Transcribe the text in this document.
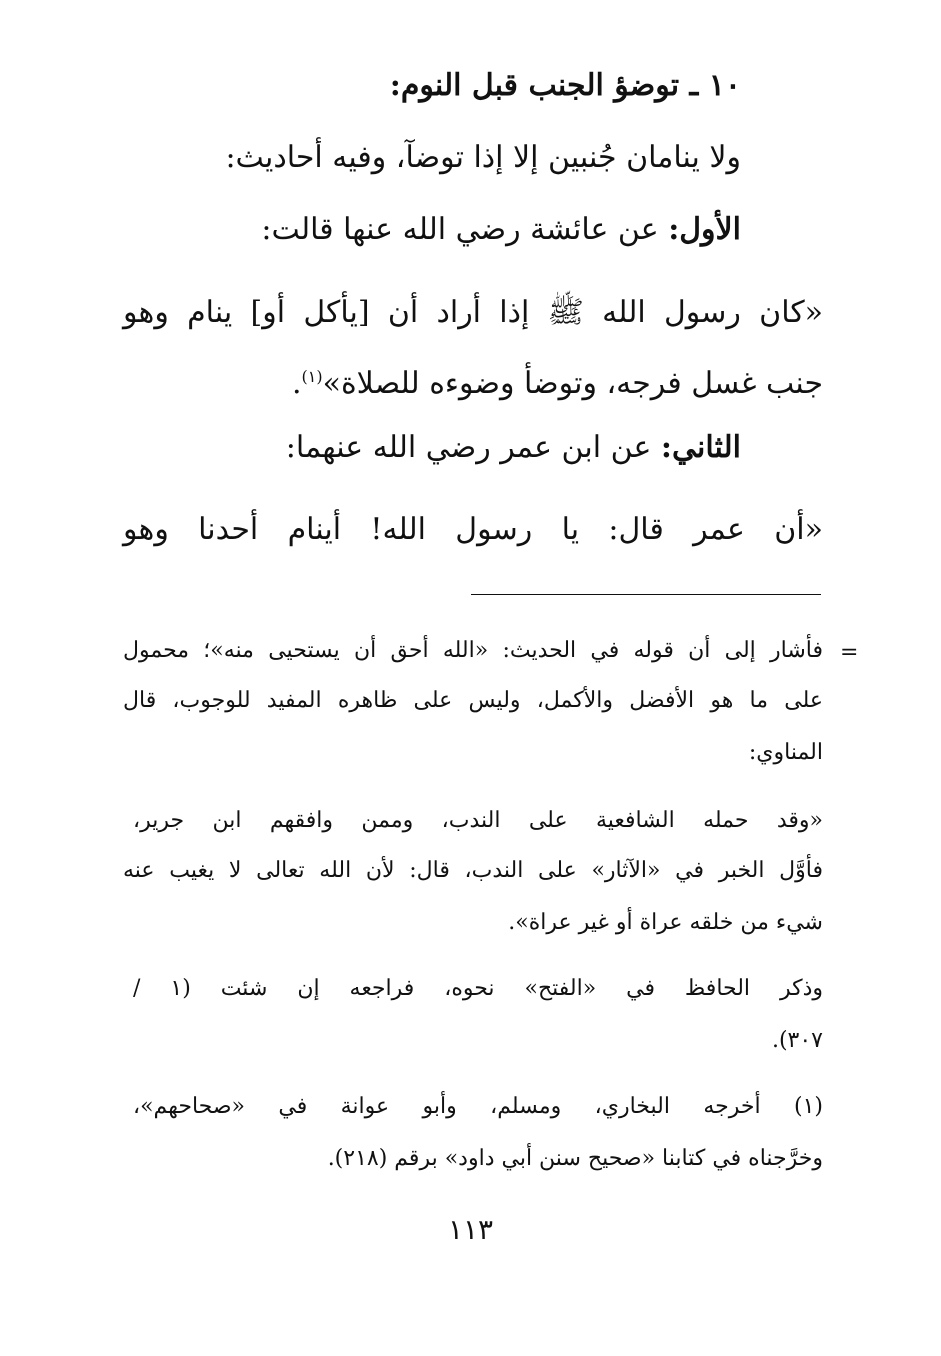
١٠ ـ توضؤ الجنب قبل النوم:

ولا ينامان جُنبين إلا إذا توضآ، وفيه أحاديث:

الأول: عن عائشة رضي الله عنها قالت:

«كان رسول الله ﷺ إذا أراد أن [يأكل أو] ينام وهو

جنب غسل فرجه، وتوضأ وضوءه للصلاة»$^{(١)}$.

الثاني: عن ابن عمر رضي الله عنهما:

«أن عمر قال: يا رسول الله! أينام أحدنا وهو

=

فأشار إلى أن قوله في الحديث: «الله أحق أن يستحيى منه»؛ محمول

على ما هو الأفضل والأكمل، وليس على ظاهره المفيد للوجوب، قال

المناوي:

«وقد حمله الشافعية على الندب، وممن وافقهم ابن جرير،

فأوَّل الخبر في «الآثار» على الندب، قال: لأن الله تعالى لا يغيب عنه

شيء من خلقه عراة أو غير عراة».

وذكر الحافظ في «الفتح» نحوه، فراجعه إن شئت (١ /

٣٠٧).

(١) أخرجه البخاري، ومسلم، وأبو عوانة في «صحاحهم»،

وخرَّجناه في كتابنا «صحيح سنن أبي داود» برقم (٢١٨).

١١٣
